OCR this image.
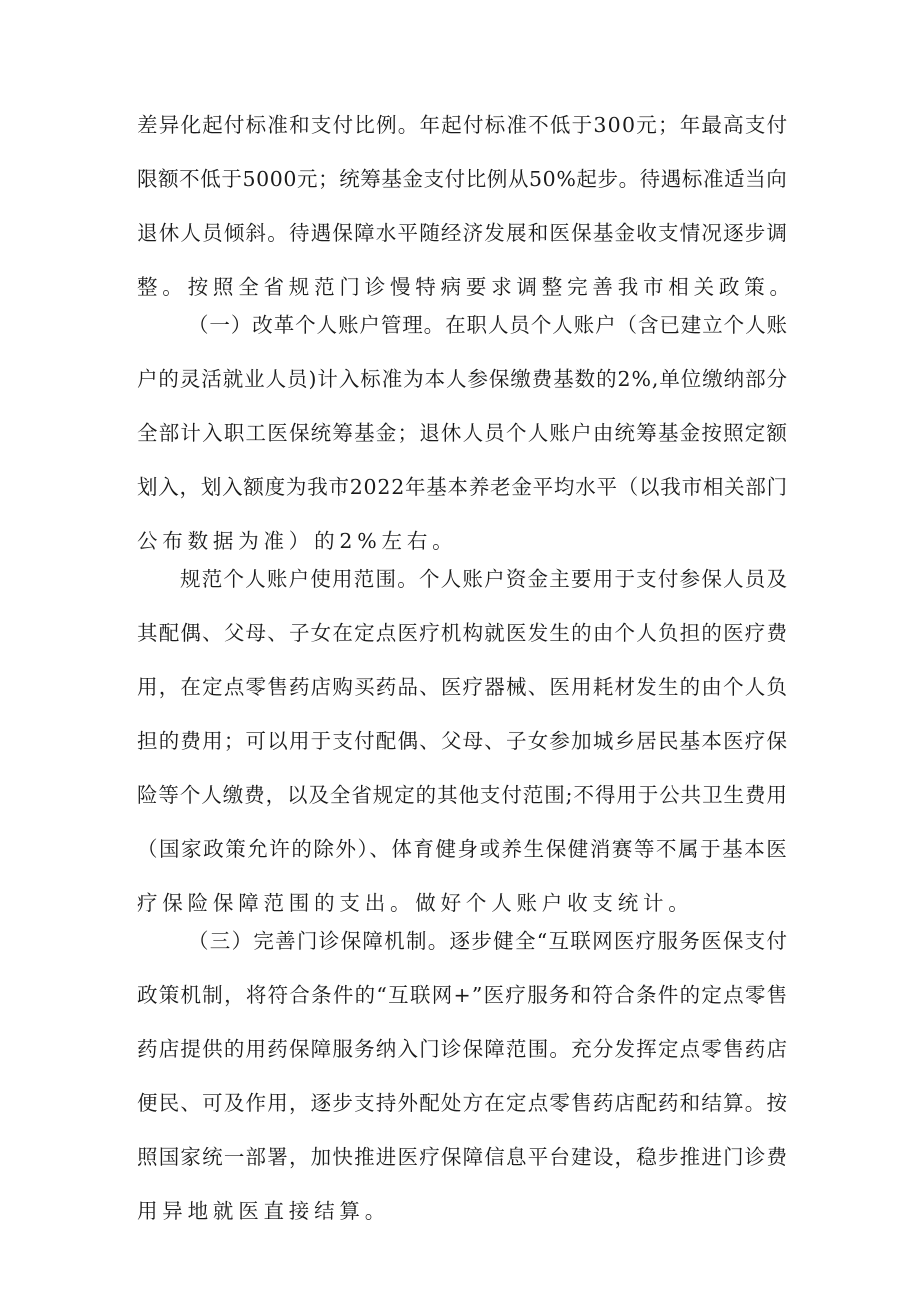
差异化起付标准和支付比例。年起付标准不低于300元；年最高支付
限额不低于5000元；统筹基金支付比例从50%起步。待遇标准适当向
退休人员倾斜。待遇保障水平随经济发展和医保基金收支情况逐步调
整。按照全省规范门诊慢特病要求调整完善我市相关政策。
（一）改革个人账户管理。在职人员个人账户（含已建立个人账
户的灵活就业人员)计入标准为本人参保缴费基数的2%,单位缴纳部分
全部计入职工医保统筹基金；退休人员个人账户由统筹基金按照定额
划入，划入额度为我市2022年基本养老金平均水平（以我市相关部门
公布数据为准）的2%左右。
规范个人账户使用范围。个人账户资金主要用于支付参保人员及
其配偶、父母、子女在定点医疗机构就医发生的由个人负担的医疗费
用，在定点零售药店购买药品、医疗器械、医用耗材发生的由个人负
担的费用；可以用于支付配偶、父母、子女参加城乡居民基本医疗保
险等个人缴费，以及全省规定的其他支付范围;不得用于公共卫生费用
（国家政策允许的除外）、体育健身或养生保健消赛等不属于基本医
疗保险保障范围的支出。做好个人账户收支统计。
（三）完善门诊保障机制。逐步健全“互联网医疗服务医保支付
政策机制，将符合条件的“互联网+”医疗服务和符合条件的定点零售
药店提供的用药保障服务纳入门诊保障范围。充分发挥定点零售药店
便民、可及作用，逐步支持外配处方在定点零售药店配药和结算。按
照国家统一部署，加快推进医疗保障信息平台建设，稳步推进门诊费
用异地就医直接结算。
